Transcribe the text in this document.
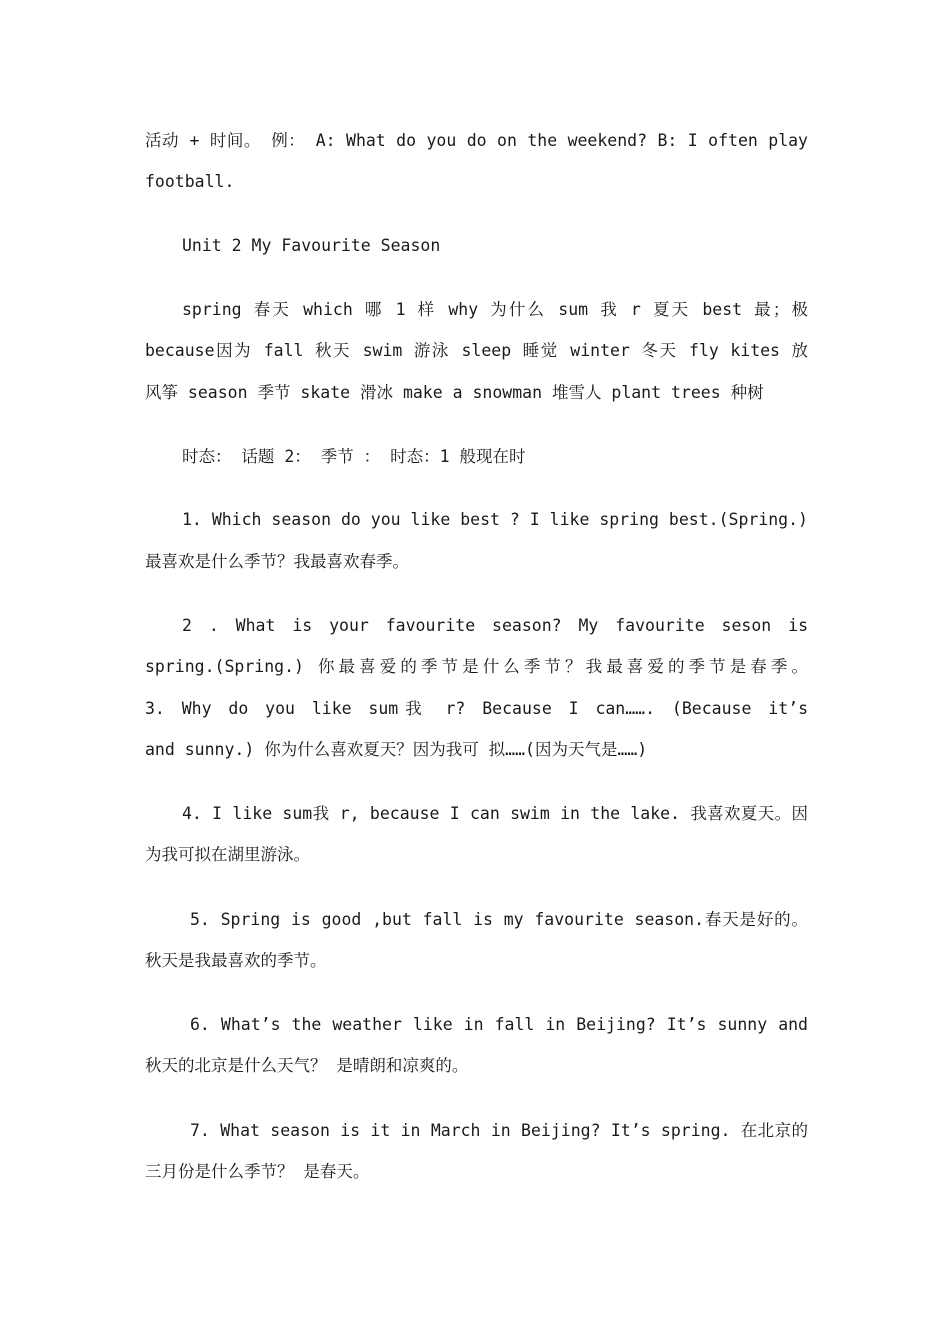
活动 + 时间。 例： A: What do you do on the weekend? B: I often play
football.
Unit 2 My Favourite Season
spring 春天 which 哪 1 样 why 为什么 sum 我 r 夏天 best 最；极
because因为 fall 秋天 swim 游泳 sleep 睡觉 winter 冬天 fly kites 放
风筝 season 季节 skate 滑冰 make a snowman 堆雪人 plant trees 种树
时态： 话题 2： 季节 ： 时态：1 般现在时
1. Which season do you like best ? I like spring best.(Spring.)
最喜欢是什么季节？我最喜欢春季。
2 . What is your favourite season? My favourite seson is
spring.(Spring.) 你最喜爱的季节是什么季节？我最喜爱的季节是春季。
3. Why do you like sum我 r? Because I can……. (Because it’s
and sunny.) 你为什么喜欢夏天？因为我可 拟……(因为天气是……)
4. I like sum我 r, because I can swim in the lake. 我喜欢夏天。因
为我可拟在湖里游泳。
5. Spring is good ,but fall is my favourite season.春天是好的。
秋天是我最喜欢的季节。
6. What’s the weather like in fall in Beijing? It’s sunny and
秋天的北京是什么天气？ 是晴朗和凉爽的。
7. What season is it in March in Beijing? It’s spring. 在北京的
三月份是什么季节？ 是春天。
